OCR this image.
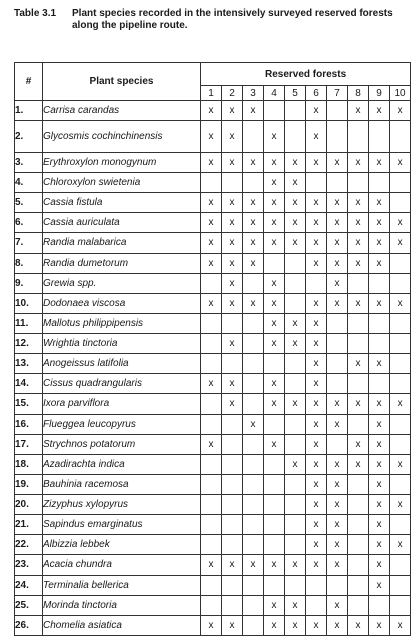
Table 3.1 Plant species recorded in the intensively surveyed reserved forests along the pipeline route.
#	Plant species	Reserved forests									
		1	2	3	4	5	6	7	8	9	10
1.	Carrisa carandas	x	x	x			x		x	x	x
2.	Glycosmis cochinchinensis	x	x		x		x				
3.	Erythroxylon monogynum	x	x	x	x	x	x	x	x	x	x
4.	Chloroxylon swietenia				x	x					
5.	Cassia fistula	x	x	x	x	x	x	x	x	x	
6.	Cassia auriculata	x	x	x	x	x	x	x	x	x	x
7.	Randia malabarica	x	x	x	x	x	x	x	x	x	x
8.	Randia dumetorum	x	x	x			x	x	x	x	
9.	Grewia spp.		x		x			x			
10.	Dodonaea viscosa	x	x	x	x		x	x	x	x	x
11.	Mallotus philippipensis				x	x	x				
12.	Wrightia tinctoria		x		x	x	x				
13.	Anogeissus latifolia						x		x	x	
14.	Cissus quadrangularis	x	x		x		x				
15.	Ixora parviflora		x		x	x	x	x	x	x	x
16.	Flueggea leucopyrus			x			x	x		x	
17.	Strychnos potatorum	x			x		x		x	x	
18.	Azadirachta indica					x	x	x	x	x	x
19.	Bauhinia racemosa						x	x		x	
20.	Zizyphus xylopyrus						x	x		x	x
21.	Sapindus emarginatus						x	x		x	
22.	Albizzia lebbek						x	x		x	x
23.	Acacia chundra	x	x	x	x	x	x	x		x	
24.	Terminalia bellerica									x	
25.	Morinda tinctoria				x	x		x			
26.	Chomelia asiatica	x	x		x	x	x	x	x	x	x
